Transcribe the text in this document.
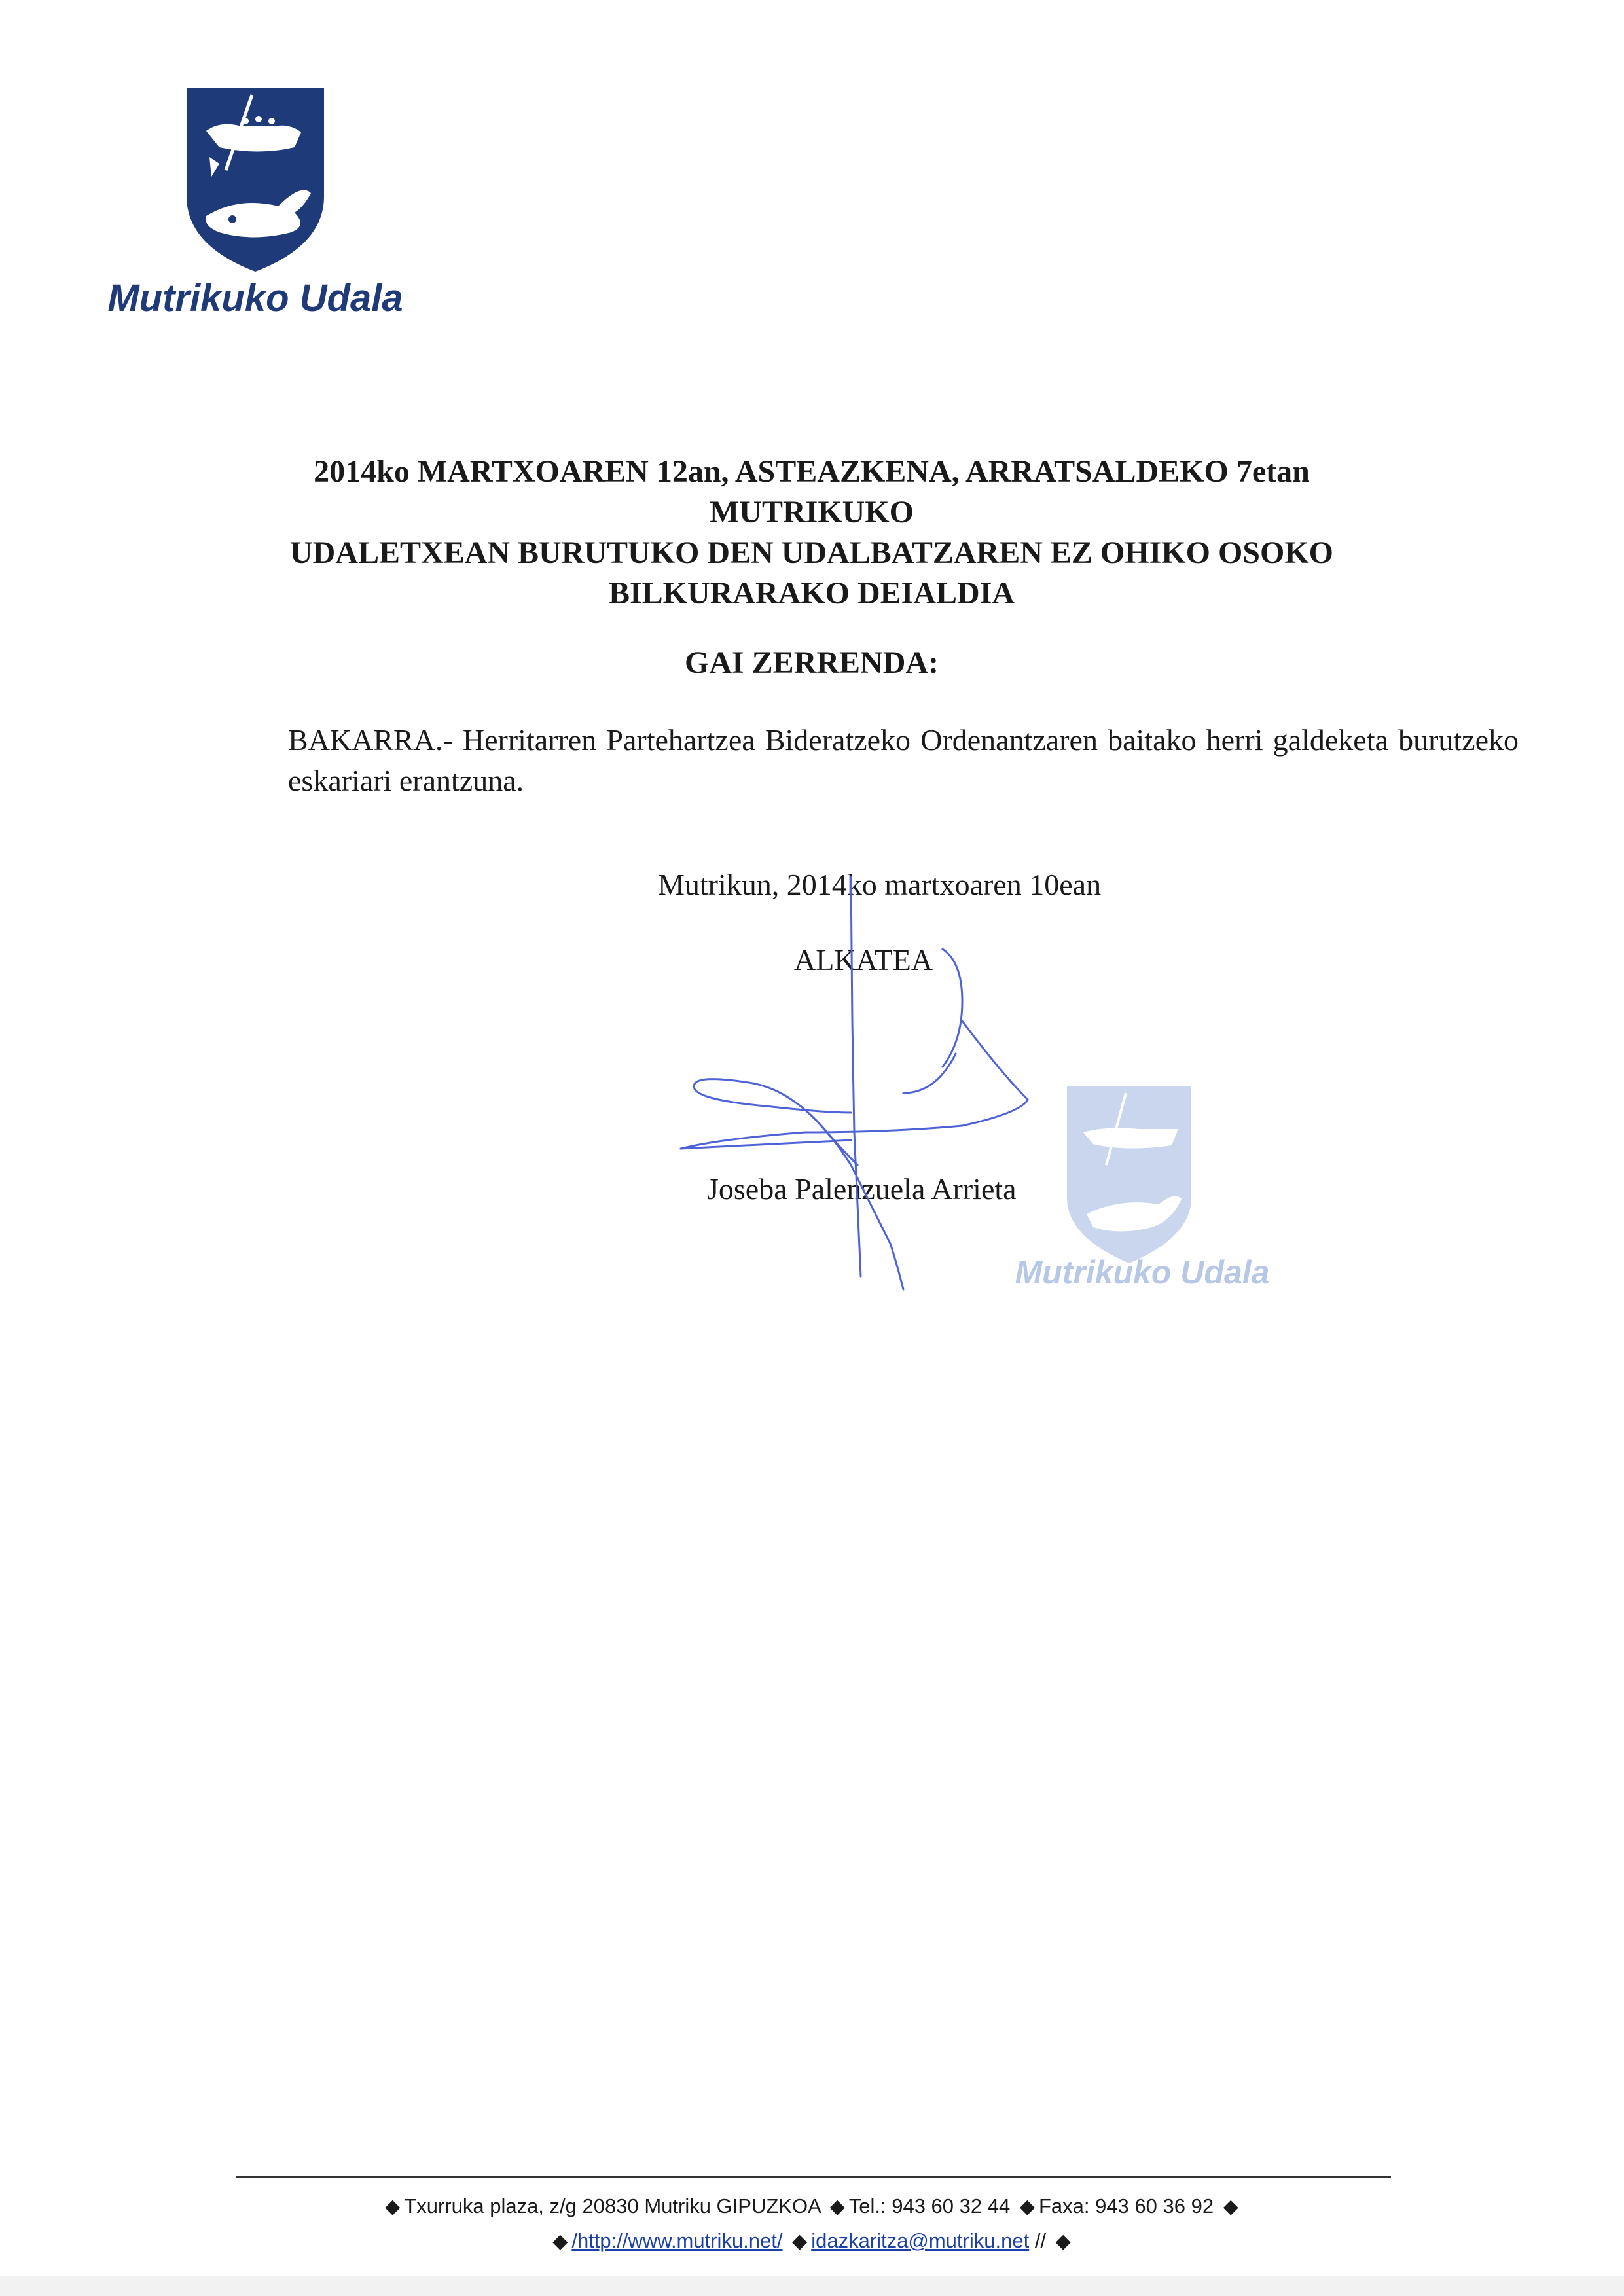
Mutrikuko Udala
2014ko MARTXOAREN 12an, ASTEAZKENA, ARRATSALDEKO 7etan MUTRIKUKO
UDALETXEAN BURUTUKO DEN UDALBATZAREN EZ OHIKO OSOKO
BILKURARAKO DEIALDIA
GAI ZERRENDA:
BAKARRA.- Herritarren Partehartzea Bideratzeko Ordenantzaren baitako herri galdeketa burutzeko eskariari erantzuna.
Mutrikun, 2014ko martxoaren 10ean
ALKATEA
Joseba Palenzuela Arrieta
Mutrikuko Udala
◆ Txurruka plaza, z/g 20830 Mutriku GIPUZKOA ◆ Tel.: 943 60 32 44 ◆ Faxa: 943 60 36 92 ◆
◆ /http://www.mutriku.net/ ◆ idazkaritza@mutriku.net // ◆
